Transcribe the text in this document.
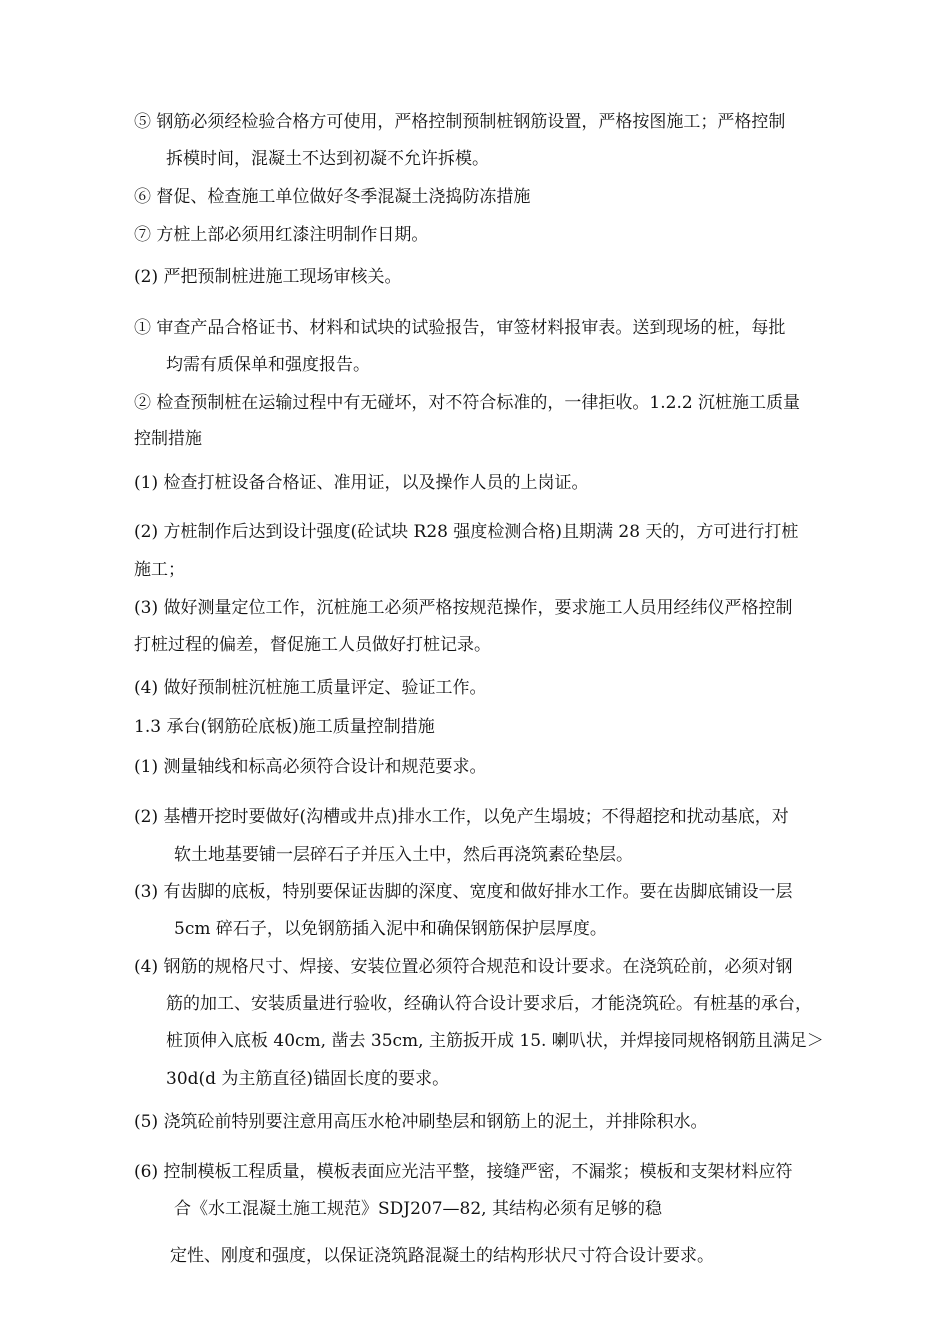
⑤ 钢筋必须经检验合格方可使用，严格控制预制桩钢筋设置，严格按图施工；严格控制
拆模时间，混凝土不达到初凝不允许拆模。
⑥ 督促、检查施工单位做好冬季混凝土浇捣防冻措施
⑦ 方桩上部必须用红漆注明制作日期。
(2) 严把预制桩进施工现场审核关。
① 审查产品合格证书、材料和试块的试验报告，审签材料报审表。送到现场的桩，每批
均需有质保单和强度报告。
② 检查预制桩在运输过程中有无碰坏，对不符合标准的，一律拒收。1.2.2 沉桩施工质量
控制措施
(1) 检查打桩设备合格证、准用证，以及操作人员的上岗证。
(2) 方桩制作后达到设计强度(砼试块 R28 强度检测合格)且期满 28 天的，方可进行打桩
施工；
(3) 做好测量定位工作，沉桩施工必须严格按规范操作，要求施工人员用经纬仪严格控制
打桩过程的偏差，督促施工人员做好打桩记录。
(4) 做好预制桩沉桩施工质量评定、验证工作。
1.3 承台(钢筋砼底板)施工质量控制措施
(1) 测量轴线和标高必须符合设计和规范要求。
(2) 基槽开挖时要做好(沟槽或井点)排水工作，以免产生塌坡；不得超挖和扰动基底，对
软土地基要铺一层碎石子并压入土中，然后再浇筑素砼垫层。
(3) 有齿脚的底板，特别要保证齿脚的深度、宽度和做好排水工作。要在齿脚底铺设一层
5cm 碎石子，以免钢筋插入泥中和确保钢筋保护层厚度。
(4) 钢筋的规格尺寸、焊接、安装位置必须符合规范和设计要求。在浇筑砼前，必须对钢
筋的加工、安装质量进行验收，经确认符合设计要求后，才能浇筑砼。有桩基的承台，
桩顶伸入底板 40cm, 凿去 35cm, 主筋扳开成 15. 喇叭状，并焊接同规格钢筋且满足＞
30d(d 为主筋直径)锚固长度的要求。
(5) 浇筑砼前特别要注意用高压水枪冲刷垫层和钢筋上的泥土，并排除积水。
(6) 控制模板工程质量，模板表面应光洁平整，接缝严密，不漏浆；模板和支架材料应符
合《水工混凝土施工规范》SDJ207—82, 其结构必须有足够的稳
定性、刚度和强度，以保证浇筑路混凝土的结构形状尺寸符合设计要求。
